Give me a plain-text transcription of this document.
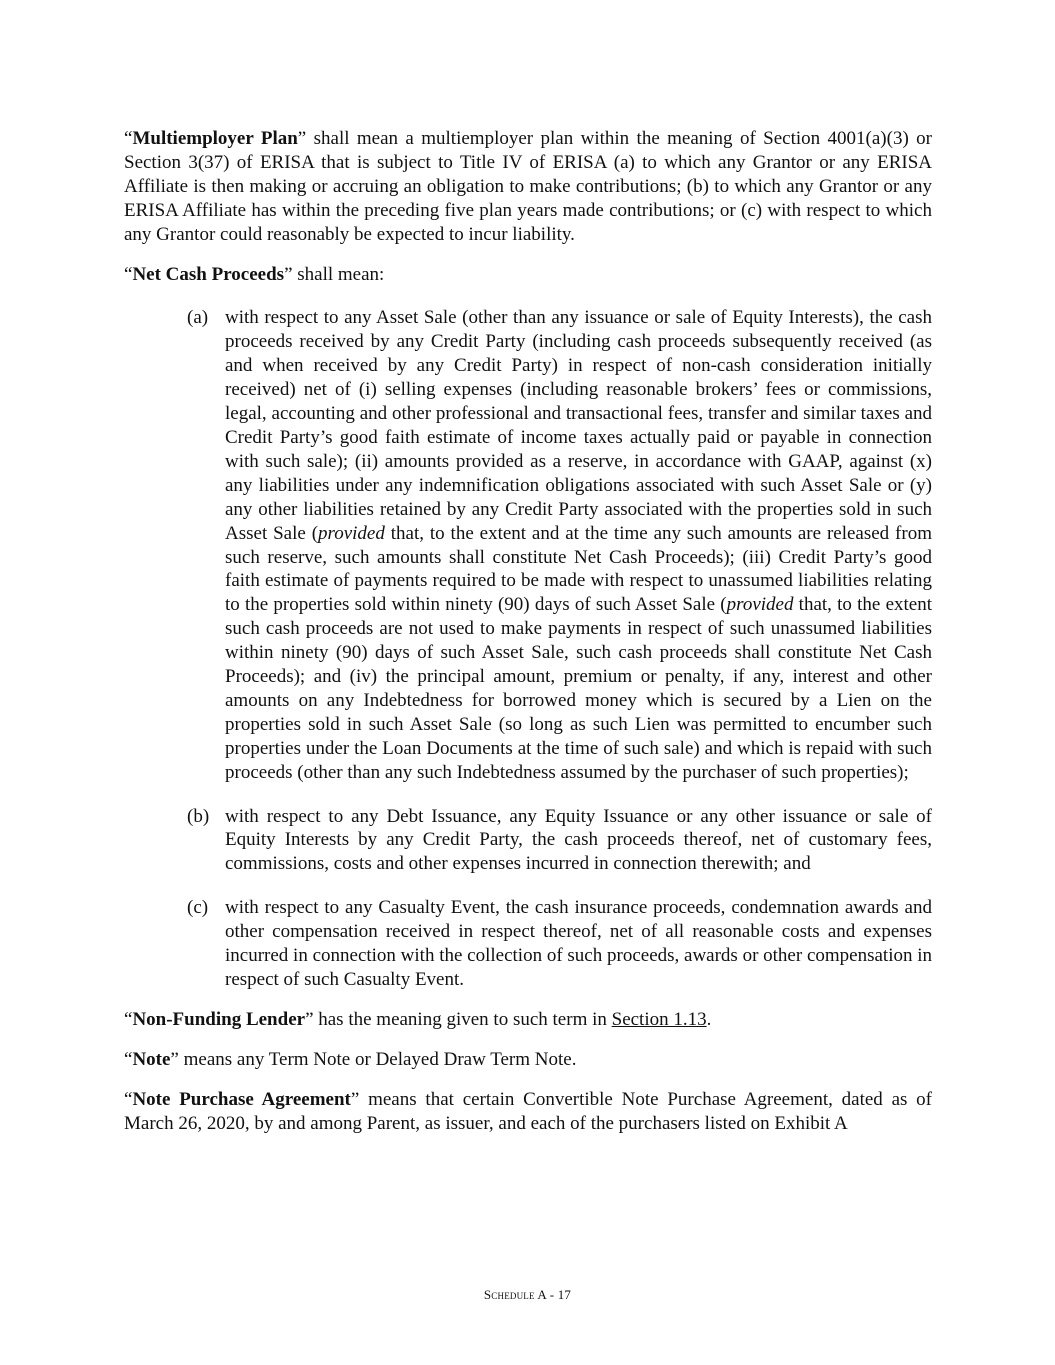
“Multiemployer Plan” shall mean a multiemployer plan within the meaning of Section 4001(a)(3) or Section 3(37) of ERISA that is subject to Title IV of ERISA (a) to which any Grantor or any ERISA Affiliate is then making or accruing an obligation to make contributions; (b) to which any Grantor or any ERISA Affiliate has within the preceding five plan years made contributions; or (c) with respect to which any Grantor could reasonably be expected to incur liability.

“Net Cash Proceeds” shall mean:

(a) with respect to any Asset Sale (other than any issuance or sale of Equity Interests), the cash proceeds received by any Credit Party (including cash proceeds subsequently received (as and when received by any Credit Party) in respect of non-cash consideration initially received) net of (i) selling expenses (including reasonable brokers’ fees or commissions, legal, accounting and other professional and transactional fees, transfer and similar taxes and Credit Party’s good faith estimate of income taxes actually paid or payable in connection with such sale); (ii) amounts provided as a reserve, in accordance with GAAP, against (x) any liabilities under any indemnification obligations associated with such Asset Sale or (y) any other liabilities retained by any Credit Party associated with the properties sold in such Asset Sale (provided that, to the extent and at the time any such amounts are released from such reserve, such amounts shall constitute Net Cash Proceeds); (iii) Credit Party’s good faith estimate of payments required to be made with respect to unassumed liabilities relating to the properties sold within ninety (90) days of such Asset Sale (provided that, to the extent such cash proceeds are not used to make payments in respect of such unassumed liabilities within ninety (90) days of such Asset Sale, such cash proceeds shall constitute Net Cash Proceeds); and (iv) the principal amount, premium or penalty, if any, interest and other amounts on any Indebtedness for borrowed money which is secured by a Lien on the properties sold in such Asset Sale (so long as such Lien was permitted to encumber such properties under the Loan Documents at the time of such sale) and which is repaid with such proceeds (other than any such Indebtedness assumed by the purchaser of such properties);
(b) with respect to any Debt Issuance, any Equity Issuance or any other issuance or sale of Equity Interests by any Credit Party, the cash proceeds thereof, net of customary fees, commissions, costs and other expenses incurred in connection therewith; and
(c) with respect to any Casualty Event, the cash insurance proceeds, condemnation awards and other compensation received in respect thereof, net of all reasonable costs and expenses incurred in connection with the collection of such proceeds, awards or other compensation in respect of such Casualty Event.

“Non-Funding Lender” has the meaning given to such term in Section 1.13.

“Note” means any Term Note or Delayed Draw Term Note.

“Note Purchase Agreement” means that certain Convertible Note Purchase Agreement, dated as of March 26, 2020, by and among Parent, as issuer, and each of the purchasers listed on Exhibit A

Schedule A - 17
